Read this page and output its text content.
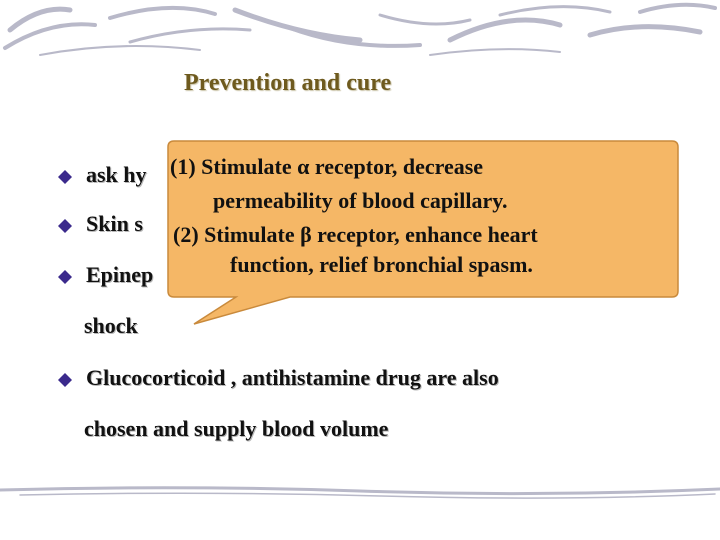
Prevention and cure
ask hy
Skin s
Epinep
shock
Glucocorticoid , antihistamine drug are also
chosen and supply blood volume
(1) Stimulate α receptor, decrease
permeability of blood capillary.
(2) Stimulate β receptor, enhance heart
function, relief bronchial spasm.
